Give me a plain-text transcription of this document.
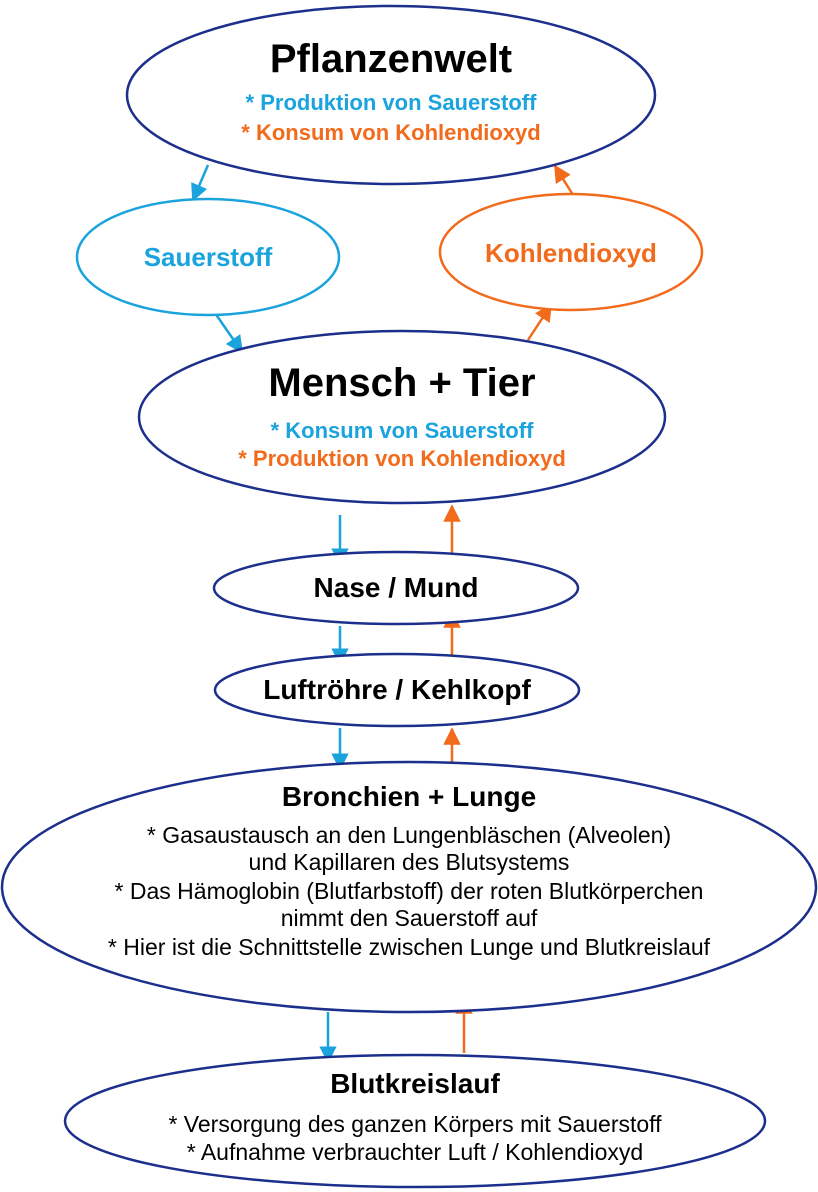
Pflanzenwelt
* Produktion von Sauerstoff
* Konsum von Kohlendioxyd
Sauerstoff	Kohlendioxyd
Mensch + Tier
* Konsum von Sauerstoff
* Produktion von Kohlendioxyd
Nase / Mund
Luftröhre / Kehlkopf
Bronchien + Lunge
* Gasaustausch an den Lungenbläschen (Alveolen)
und Kapillaren des Blutsystems
* Das Hämoglobin (Blutfarbstoff) der roten Blutkörperchen
nimmt den Sauerstoff auf
* Hier ist die Schnittstelle zwischen Lunge und Blutkreislauf
Blutkreislauf
* Versorgung des ganzen Körpers mit Sauerstoff
* Aufnahme verbrauchter Luft / Kohlendioxyd
